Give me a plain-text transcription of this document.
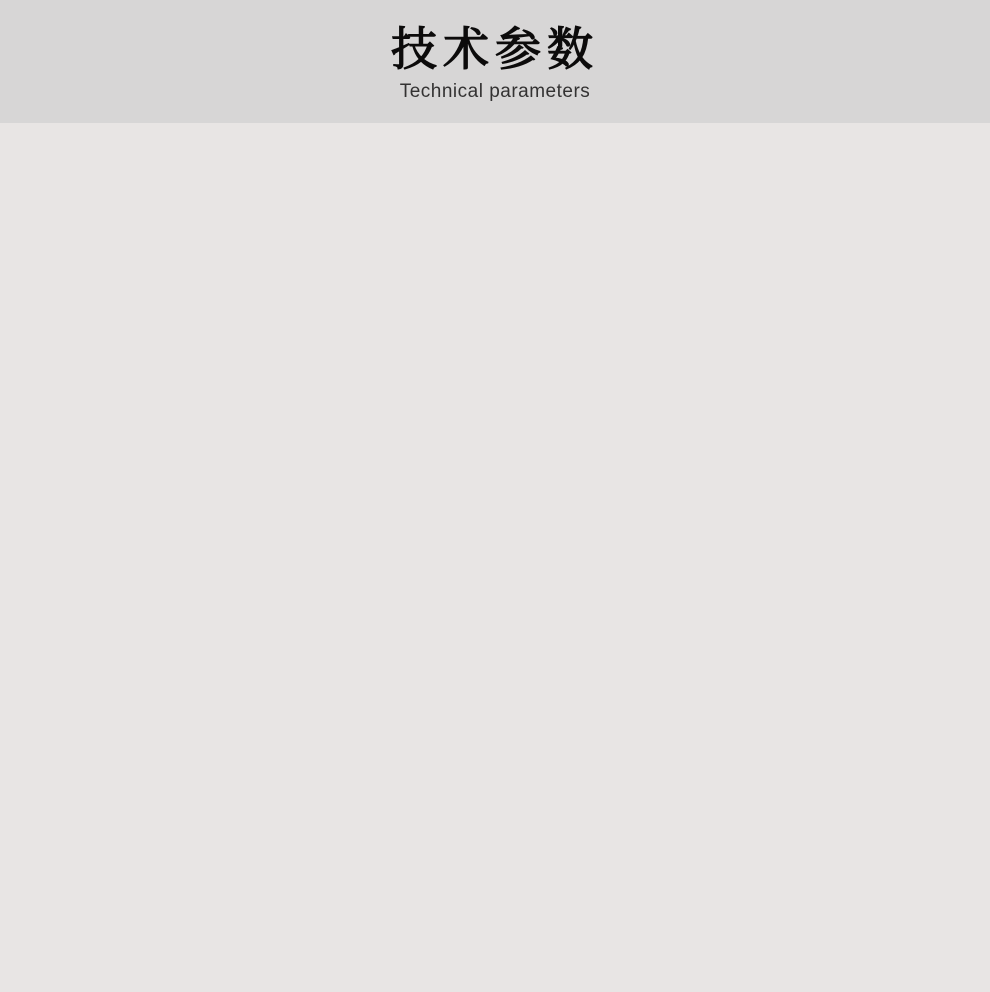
技术参数
Technical parameters
